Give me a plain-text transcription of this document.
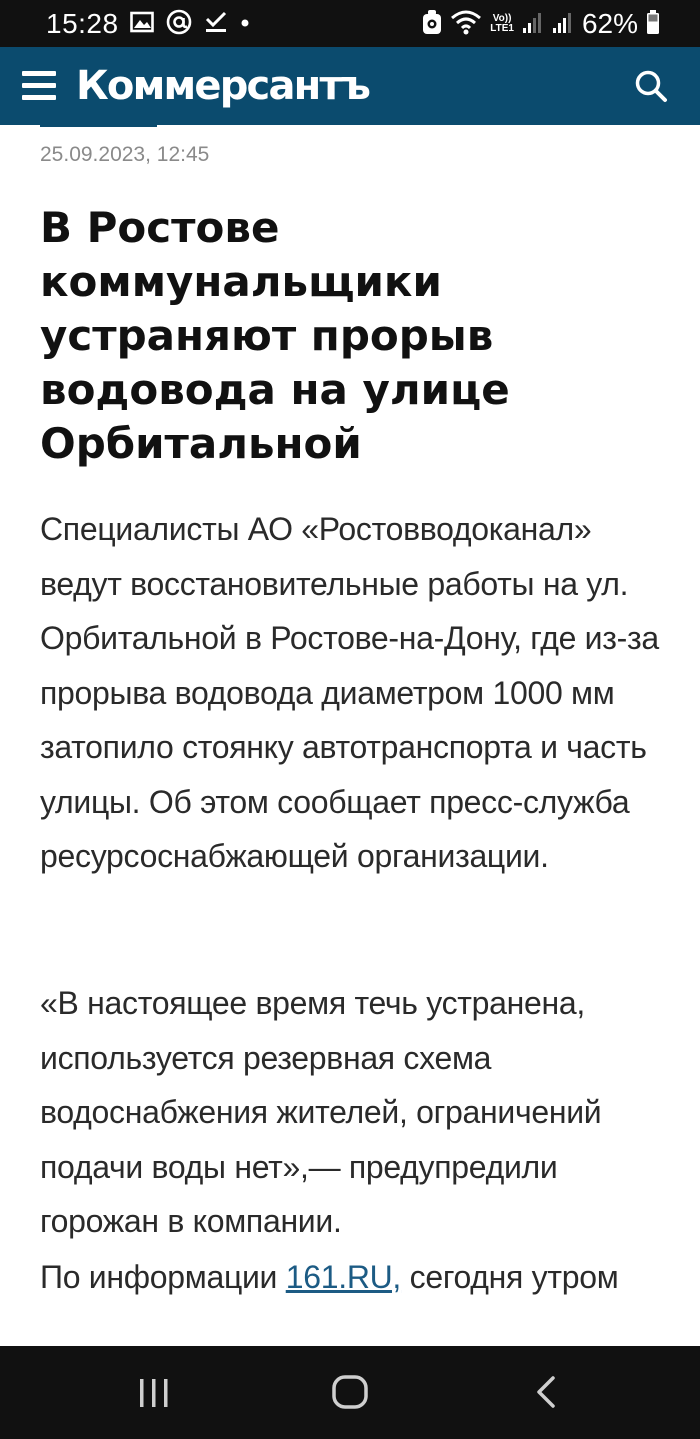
15:28	Vo))
LTE1 62%
Коммерсантъ
25.09.2023, 12:45
В Ростове коммунальщики устраняют прорыв водовода на улице Орбитальной

Специалисты АО «Ростовводоканал» ведут восстановительные работы на ул. Орбитальной в Ростове-на-Дону, где из-за прорыва водовода диаметром 1000 мм затопило стоянку автотранспорта и часть улицы. Об этом сообщает пресс-служба ресурсоснабжающей организации.

«В настоящее время течь устранена, используется резервная схема водоснабжения жителей, ограничений подачи воды нет»,— предупредили горожан в компании.

По информации 161.RU, сегодня утром
